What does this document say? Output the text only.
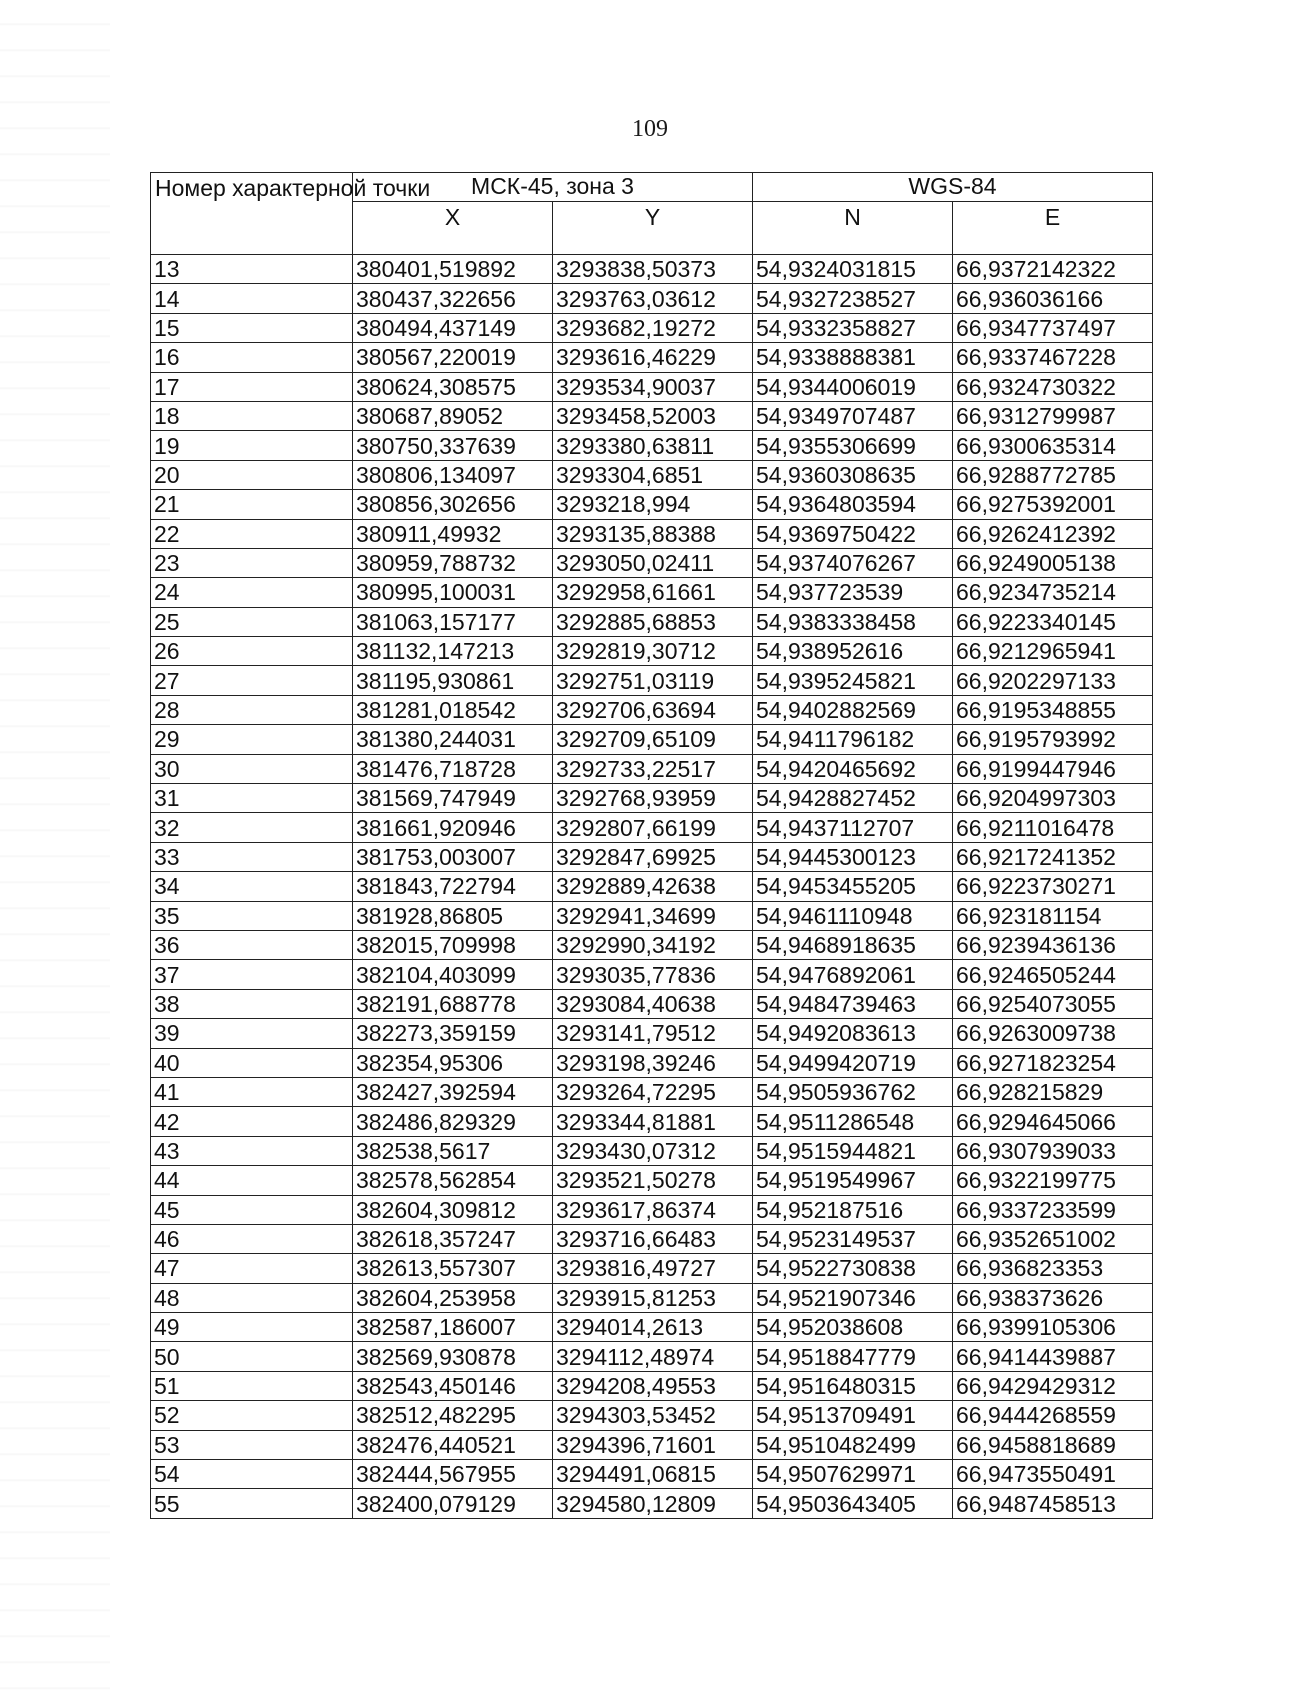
109
Номер характерной точки	МСК-45, зона 3		WGS-84	
	X	Y	N	E
13	380401,519892	3293838,50373	54,9324031815	66,9372142322
14	380437,322656	3293763,03612	54,9327238527	66,936036166
15	380494,437149	3293682,19272	54,9332358827	66,9347737497
16	380567,220019	3293616,46229	54,9338888381	66,9337467228
17	380624,308575	3293534,90037	54,9344006019	66,9324730322
18	380687,89052	3293458,52003	54,9349707487	66,9312799987
19	380750,337639	3293380,63811	54,9355306699	66,9300635314
20	380806,134097	3293304,6851	54,9360308635	66,9288772785
21	380856,302656	3293218,994	54,9364803594	66,9275392001
22	380911,49932	3293135,88388	54,9369750422	66,9262412392
23	380959,788732	3293050,02411	54,9374076267	66,9249005138
24	380995,100031	3292958,61661	54,937723539	66,9234735214
25	381063,157177	3292885,68853	54,9383338458	66,9223340145
26	381132,147213	3292819,30712	54,938952616	66,9212965941
27	381195,930861	3292751,03119	54,9395245821	66,9202297133
28	381281,018542	3292706,63694	54,9402882569	66,9195348855
29	381380,244031	3292709,65109	54,9411796182	66,9195793992
30	381476,718728	3292733,22517	54,9420465692	66,9199447946
31	381569,747949	3292768,93959	54,9428827452	66,9204997303
32	381661,920946	3292807,66199	54,9437112707	66,9211016478
33	381753,003007	3292847,69925	54,9445300123	66,9217241352
34	381843,722794	3292889,42638	54,9453455205	66,9223730271
35	381928,86805	3292941,34699	54,9461110948	66,923181154
36	382015,709998	3292990,34192	54,9468918635	66,9239436136
37	382104,403099	3293035,77836	54,9476892061	66,9246505244
38	382191,688778	3293084,40638	54,9484739463	66,9254073055
39	382273,359159	3293141,79512	54,9492083613	66,9263009738
40	382354,95306	3293198,39246	54,9499420719	66,9271823254
41	382427,392594	3293264,72295	54,9505936762	66,928215829
42	382486,829329	3293344,81881	54,9511286548	66,9294645066
43	382538,5617	3293430,07312	54,9515944821	66,9307939033
44	382578,562854	3293521,50278	54,9519549967	66,9322199775
45	382604,309812	3293617,86374	54,952187516	66,9337233599
46	382618,357247	3293716,66483	54,9523149537	66,9352651002
47	382613,557307	3293816,49727	54,9522730838	66,936823353
48	382604,253958	3293915,81253	54,9521907346	66,938373626
49	382587,186007	3294014,2613	54,952038608	66,9399105306
50	382569,930878	3294112,48974	54,9518847779	66,9414439887
51	382543,450146	3294208,49553	54,9516480315	66,9429429312
52	382512,482295	3294303,53452	54,9513709491	66,9444268559
53	382476,440521	3294396,71601	54,9510482499	66,9458818689
54	382444,567955	3294491,06815	54,9507629971	66,9473550491
55	382400,079129	3294580,12809	54,9503643405	66,9487458513
